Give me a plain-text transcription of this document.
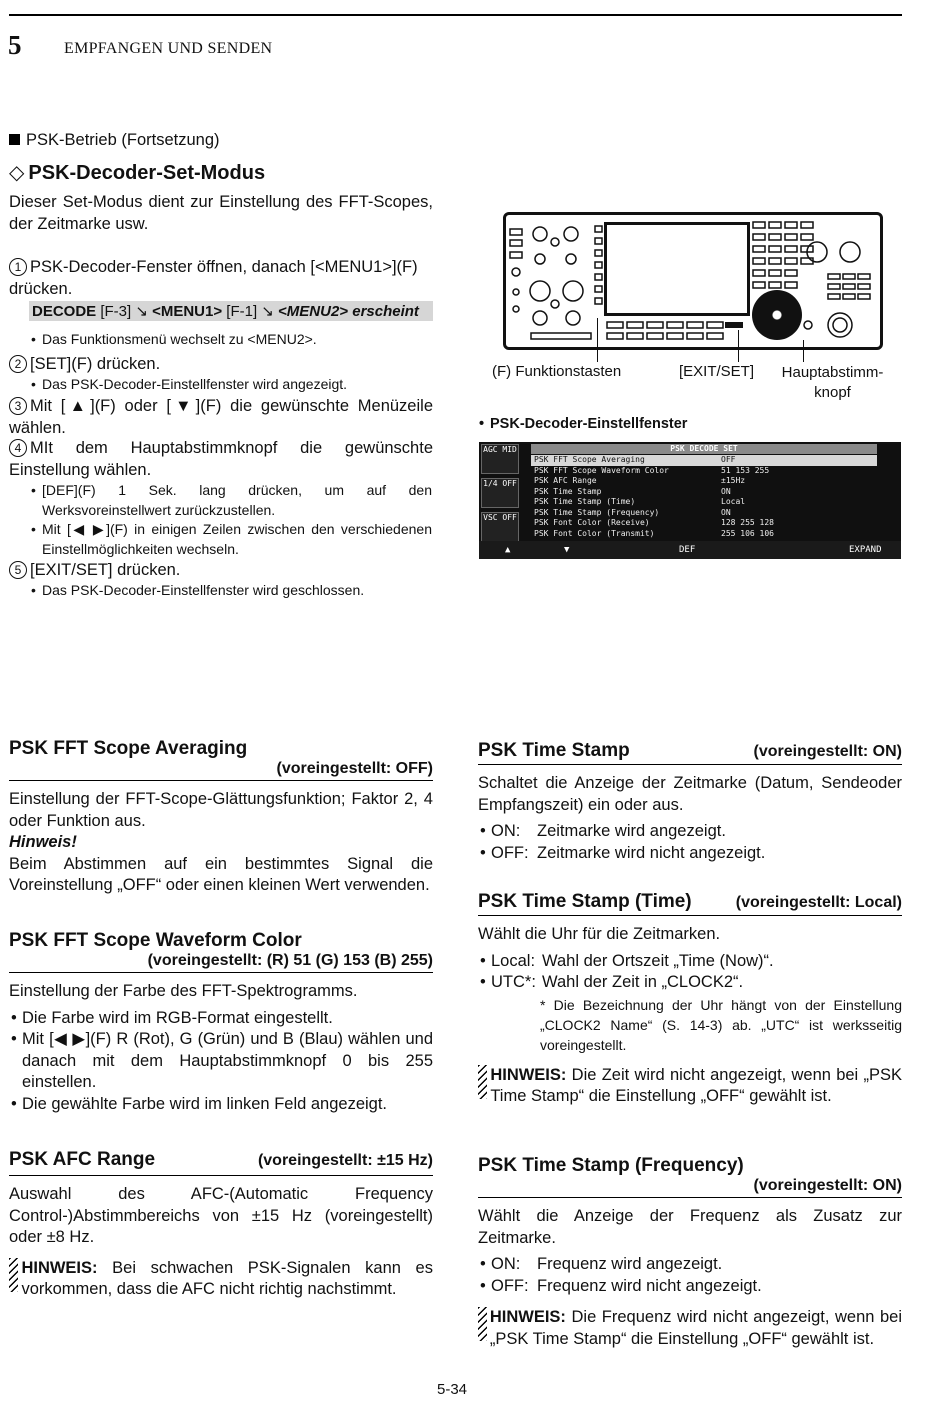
5	EMPFANGEN UND SENDEN
PSK-Betrieb (Fortsetzung)
◇ PSK-Decoder-Set-Modus
Dieser Set-Modus dient zur Einstellung des FFT-Scopes, der Zeitmarke usw.
1 PSK-Decoder-Fenster öffnen, danach [<MENU1>](F) drücken.
DECODE [F-3] ↘ <MENU1> [F-1] ↘ <MENU2> erscheint
• Das Funktionsmenü wechselt zu <MENU2>.
2 [SET](F) drücken.
• Das PSK-Decoder-Einstellfenster wird angezeigt.
3 Mit [▲](F) oder [▼](F) die gewünschte Menüzeile wählen.
4 MIt dem Hauptabstimmknopf die gewünschte Einstellung wählen.
• [DEF](F) 1 Sek. lang drücken, um auf den Werksvoreinstellwert zurückzustellen.
• Mit [◀ ▶](F) in einigen Zeilen zwischen den verschiedenen Einstellmöglichkeiten wechseln.
5 [EXIT/SET] drücken.
• Das PSK-Decoder-Einstellfenster wird geschlossen.
(F) Funktionstasten	[EXIT/SET]	Hauptabstimm-knopf
• PSK-Decoder-Einstellfenster
AGC MID
1/4 OFF
VSC OFF
PSK DECODE SET
PSK FFT Scope Averaging	OFF
PSK FFT Scope Waveform Color	51 153 255
PSK AFC Range	±15Hz
PSK Time Stamp	ON
PSK Time Stamp (Time)	Local
PSK Time Stamp (Frequency)	ON
PSK Font Color (Receive)	128 255 128
PSK Font Color (Transmit)	255 106 106
▲	▼	DEF	EXPAND
PSK FFT Scope Averaging
(voreingestellt: OFF)
Einstellung der FFT-Scope-Glättungsfunktion; Faktor 2, 4 oder Funktion aus.
Hinweis!
Beim Abstimmen auf ein bestimmtes Signal die Voreinstellung „OFF“ oder einen kleinen Wert verwenden.
PSK FFT Scope Waveform Color
(voreingestellt: (R) 51 (G) 153 (B) 255)
Einstellung der Farbe des FFT-Spektrogramms.
• Die Farbe wird im RGB-Format eingestellt.
• Mit [◀ ▶](F) R (Rot), G (Grün) und B (Blau) wählen und danach mit dem Hauptabstimmknopf 0 bis 255 einstellen.
• Die gewählte Farbe wird im linken Feld angezeigt.
PSK AFC Range	(voreingestellt: ±15 Hz)
Auswahl des AFC-(Automatic Frequency Control-)Abstimmbereichs von ±15 Hz (voreingestellt) oder ±8 Hz.
HINWEIS: Bei schwachen PSK-Signalen kann es vorkommen, dass die AFC nicht richtig nachstimmt.
PSK Time Stamp	(voreingestellt: ON)
Schaltet die Anzeige der Zeitmarke (Datum, Sendeoder Empfangszeit) ein oder aus.
• ON: Zeitmarke wird angezeigt.
• OFF: Zeitmarke wird nicht angezeigt.
PSK Time Stamp (Time)	(voreingestellt: Local)
Wählt die Uhr für die Zeitmarken.
• Local: Wahl der Ortszeit „Time (Now)“.
• UTC*: Wahl der Zeit in „CLOCK2“.
* Die Bezeichnung der Uhr hängt von der Einstellung „CLOCK2 Name“ (S. 14-3) ab. „UTC“ ist werksseitig voreingestellt.
HINWEIS: Die Zeit wird nicht angezeigt, wenn bei „PSK Time Stamp“ die Einstellung „OFF“ gewählt ist.
PSK Time Stamp (Frequency)
(voreingestellt: ON)
Wählt die Anzeige der Frequenz als Zusatz zur Zeitmarke.
• ON: Frequenz wird angezeigt.
• OFF: Frequenz wird nicht angezeigt.
HINWEIS: Die Frequenz wird nicht angezeigt, wenn bei „PSK Time Stamp“ die Einstellung „OFF“ gewählt ist.
5-34
